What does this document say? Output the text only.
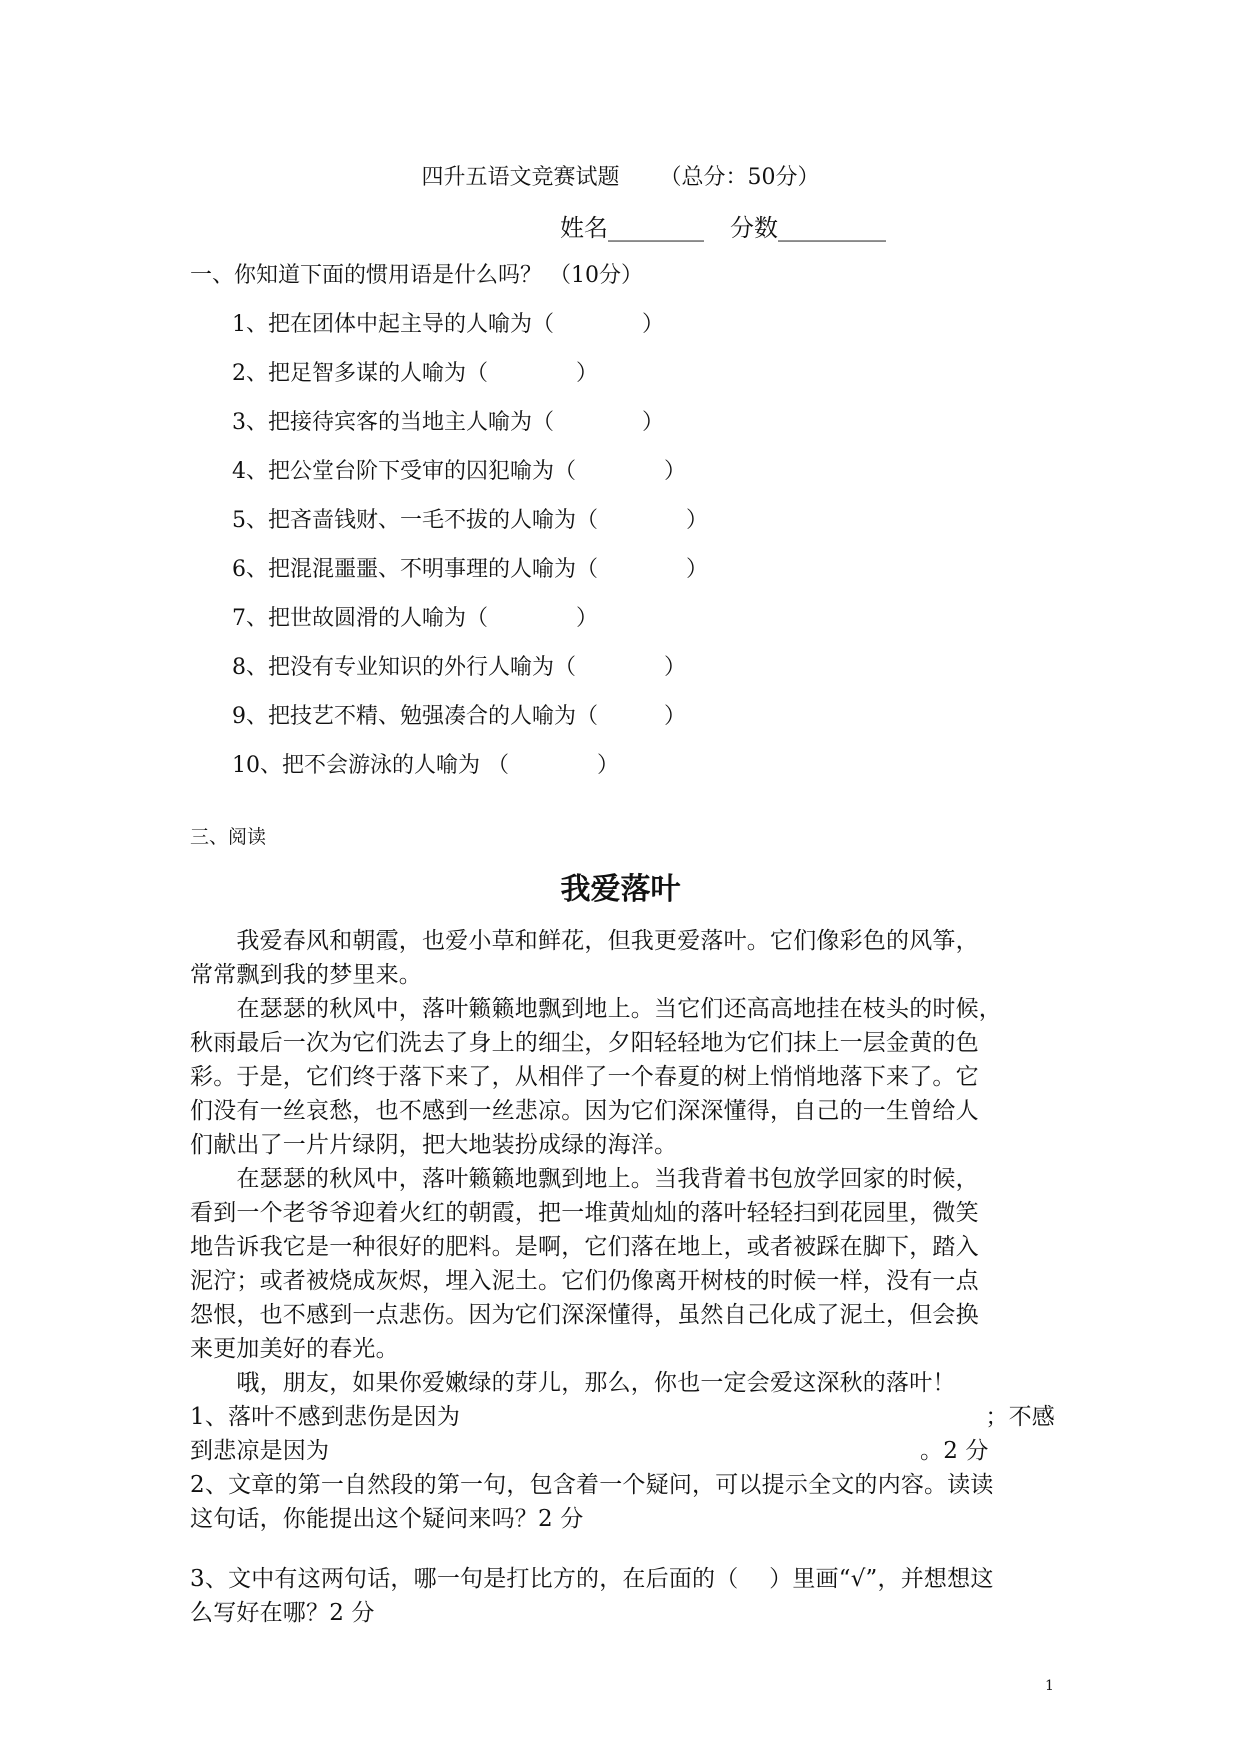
四升五语文竞赛试题 （总分：50分）
姓名________ 分数_________
一、你知道下面的惯用语是什么吗？ （10分）
1、把在团体中起主导的人喻为（　　　　）
2、把足智多谋的人喻为（　　　　）
3、把接待宾客的当地主人喻为（　　　　）
4、把公堂台阶下受审的囚犯喻为（　　　　）
5、把吝啬钱财、一毛不拔的人喻为（　　　　）
6、把混混噩噩、不明事理的人喻为（　　　　）
7、把世故圆滑的人喻为（　　　　）
8、把没有专业知识的外行人喻为（　　　　）
9、把技艺不精、勉强凑合的人喻为（　　　）
10、把不会游泳的人喻为 （　　　　）
三、阅读
我爱落叶
　　我爱春风和朝霞，也爱小草和鲜花，但我更爱落叶。它们像彩色的风筝，
常常飘到我的梦里来。
　　在瑟瑟的秋风中，落叶籁籁地飘到地上。当它们还高高地挂在枝头的时候，
秋雨最后一次为它们洗去了身上的细尘，夕阳轻轻地为它们抹上一层金黄的色
彩。于是，它们终于落下来了，从相伴了一个春夏的树上悄悄地落下来了。它
们没有一丝哀愁，也不感到一丝悲凉。因为它们深深懂得，自己的一生曾给人
们献出了一片片绿阴，把大地装扮成绿的海洋。
　　在瑟瑟的秋风中，落叶籁籁地飘到地上。当我背着书包放学回家的时候，
看到一个老爷爷迎着火红的朝霞，把一堆黄灿灿的落叶轻轻扫到花园里，微笑
地告诉我它是一种很好的肥料。是啊，它们落在地上，或者被踩在脚下，踏入
泥泞；或者被烧成灰烬，埋入泥土。它们仍像离开树枝的时候一样，没有一点
怨恨，也不感到一点悲伤。因为它们深深懂得，虽然自己化成了泥土，但会换
来更加美好的春光。
　　哦，朋友，如果你爱嫩绿的芽儿，那么，你也一定会爱这深秋的落叶！
1、落叶不感到悲伤是因为	；不感
到悲凉是因为	。2 分
2、文章的第一自然段的第一句，包含着一个疑问，可以提示全文的内容。读读
这句话，你能提出这个疑问来吗？2 分
3、文中有这两句话，哪一句是打比方的，在后面的（　 ）里画“√”，并想想这
么写好在哪？2 分
1
